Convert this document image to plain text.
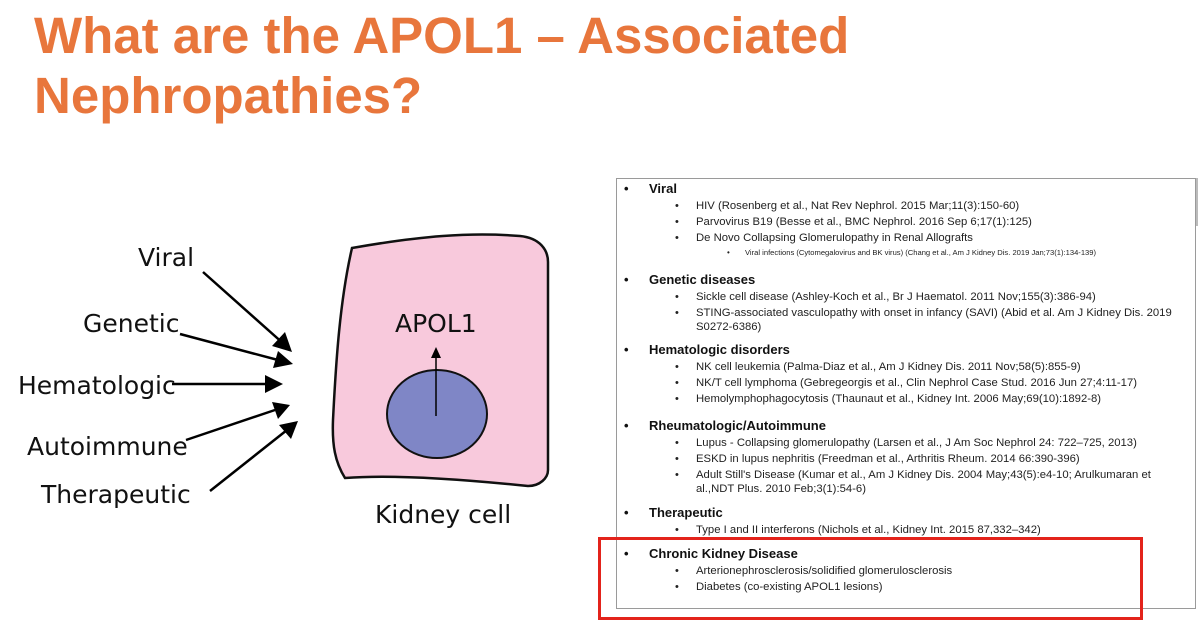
What are the APOL1 – Associated
Nephropathies?
Viral
Genetic
Hematologic
Autoimmune
Therapeutic
APOL1
Kidney cell
• Viral
• HIV (Rosenberg et al., Nat Rev Nephrol. 2015 Mar;11(3):150-60)
• Parvovirus B19 (Besse et al., BMC Nephrol. 2016 Sep 6;17(1):125)
• De Novo Collapsing Glomerulopathy in Renal Allografts
• Viral infections (Cytomegalovirus and BK virus) (Chang et al., Am J Kidney Dis. 2019 Jan;73(1):134-139)
• Genetic diseases
• Sickle cell disease (Ashley-Koch et al., Br J Haematol. 2011 Nov;155(3):386-94)
• STING-associated vasculopathy with onset in infancy (SAVI) (Abid et al. Am J Kidney Dis. 2019 S0272-6386)
• Hematologic disorders
• NK cell leukemia (Palma-Diaz et al., Am J Kidney Dis. 2011 Nov;58(5):855-9)
• NK/T cell lymphoma (Gebregeorgis et al., Clin Nephrol Case Stud. 2016 Jun 27;4:11-17)
• Hemolymphophagocytosis (Thaunaut et al., Kidney Int. 2006 May;69(10):1892-8)
• Rheumatologic/Autoimmune
• Lupus - Collapsing glomerulopathy (Larsen et al., J Am Soc Nephrol 24: 722–725, 2013)
• ESKD in lupus nephritis (Freedman et al., Arthritis Rheum. 2014 66:390-396)
• Adult Still's Disease (Kumar et al., Am J Kidney Dis. 2004 May;43(5):e4-10; Arulkumaran et al.,NDT Plus. 2010 Feb;3(1):54-6)
• Therapeutic
• Type I and II interferons (Nichols et al., Kidney Int. 2015 87,332–342)
• Chronic Kidney Disease
• Arterionephrosclerosis/solidified glomerulosclerosis
• Diabetes (co-existing APOL1 lesions)
